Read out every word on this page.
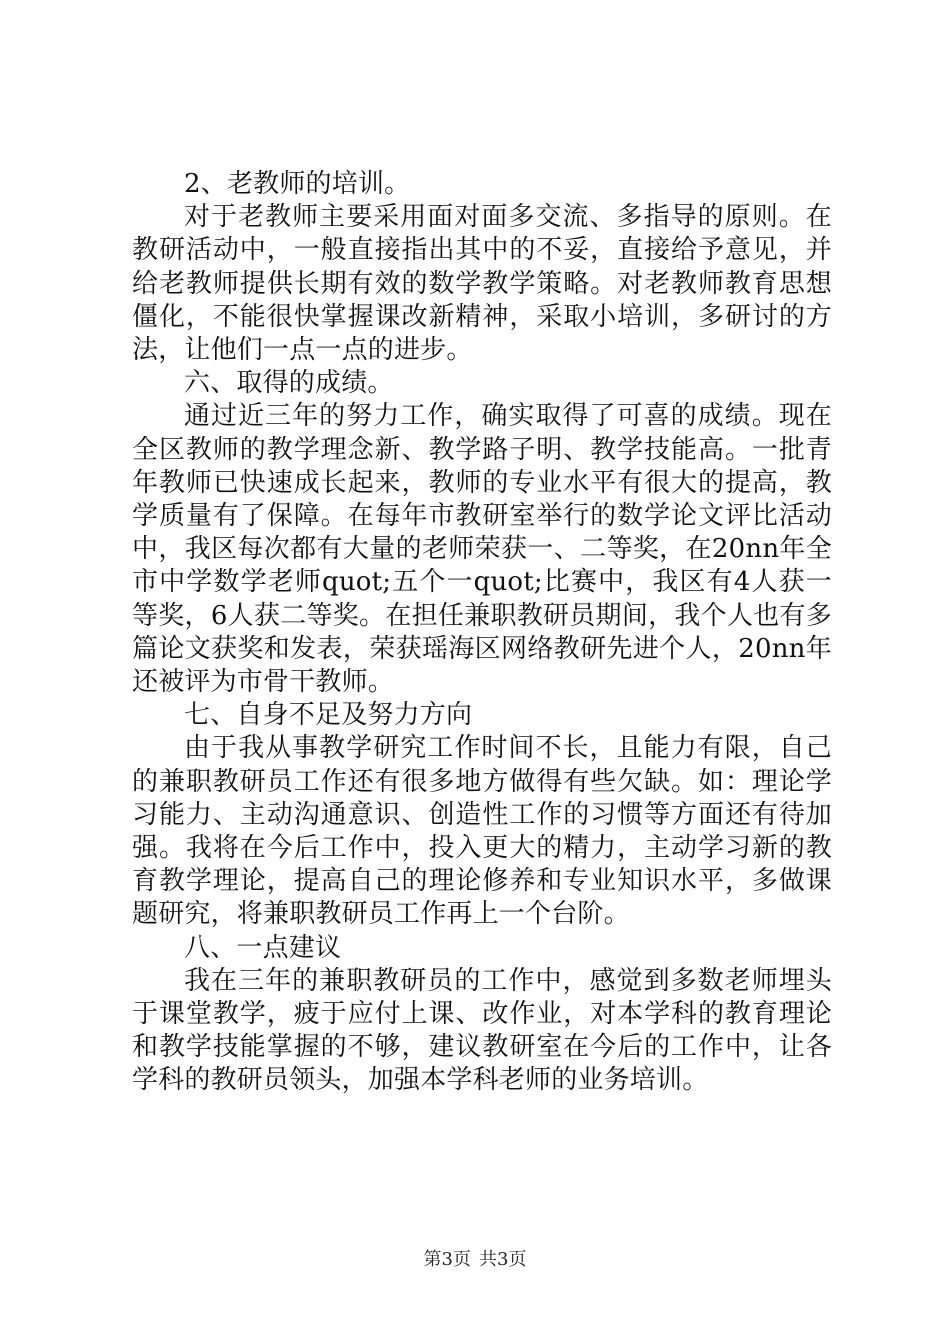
2、老教师的培训。

对于老教师主要采用面对面多交流、多指导的原则。在教研活动中，一般直接指出其中的不妥，直接给予意见，并给老教师提供长期有效的数学教学策略。对老教师教育思想僵化，不能很快掌握课改新精神，采取小培训，多研讨的方法，让他们一点一点的进步。

六、取得的成绩。

通过近三年的努力工作，确实取得了可喜的成绩。现在全区教师的教学理念新、教学路子明、教学技能高。一批青年教师已快速成长起来，教师的专业水平有很大的提高，教学质量有了保障。在每年市教研室举行的数学论文评比活动中，我区每次都有大量的老师荣获一、二等奖，在20nn年全市中学数学老师quot;五个一quot;比赛中，我区有4人获一等奖，6人获二等奖。在担任兼职教研员期间，我个人也有多篇论文获奖和发表，荣获瑶海区网络教研先进个人，20nn年还被评为市骨干教师。

七、自身不足及努力方向

由于我从事教学研究工作时间不长，且能力有限，自己的兼职教研员工作还有很多地方做得有些欠缺。如：理论学习能力、主动沟通意识、创造性工作的习惯等方面还有待加强。我将在今后工作中，投入更大的精力，主动学习新的教育教学理论，提高自己的理论修养和专业知识水平，多做课题研究，将兼职教研员工作再上一个台阶。

八、一点建议

我在三年的兼职教研员的工作中，感觉到多数老师埋头于课堂教学，疲于应付上课、改作业，对本学科的教育理论和教学技能掌握的不够，建议教研室在今后的工作中，让各学科的教研员领头，加强本学科老师的业务培训。

第3页 共3页
